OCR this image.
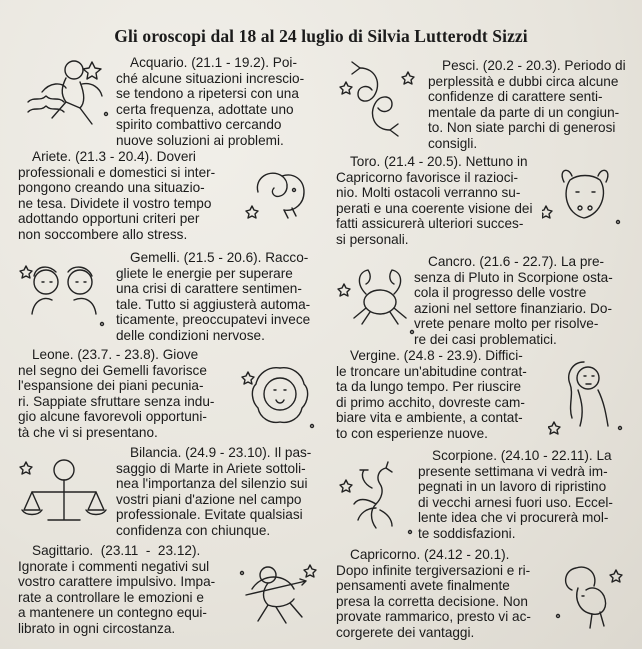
Gli oroscopi dal 18 al 24 luglio di Silvia Lutterodt Sizzi

Acquario. (21.1 - 19.2). Poi-

ché alcune situazioni increscio-

se tendono a ripetersi con una

certa frequenza, adottate uno

spirito combattivo cercando

nuove soluzioni ai problemi.

Ariete. (21.3 - 20.4). Doveri

professionali e domestici si inter-

pongono creando una situazio-

ne tesa. Dividete il vostro tempo

adottando opportuni criteri per

non soccombere allo stress.

Gemelli. (21.5 - 20.6). Racco-

gliete le energie per superare

una crisi di carattere sentimen-

tale. Tutto si aggiusterà automa-

ticamente, preoccupatevi invece

delle condizioni nervose.

Leone. (23.7. - 23.8). Giove

nel segno dei Gemelli favorisce

l'espansione dei piani pecunia-

ri. Sappiate sfruttare senza indu-

gio alcune favorevoli opportuni-

tà che vi si presentano.

Bilancia. (24.9 - 23.10). Il pas-

saggio di Marte in Ariete sottoli-

nea l'importanza del silenzio sui

vostri piani d'azione nel campo

professionale. Evitate qualsiasi

confidenza con chiunque.

Sagittario.  (23.11  -  23.12).

Ignorate i commenti negativi sul

vostro carattere impulsivo. Impa-

rate a controllare le emozioni e

a mantenere un contegno equi-

librato in ogni circostanza.

Pesci. (20.2 - 20.3). Periodo di

perplessità e dubbi circa alcune

confidenze di carattere senti-

mentale da parte di un congiun-

to. Non siate parchi di generosi

consigli.

Toro. (21.4 - 20.5). Nettuno in

Capricorno favorisce il razioci-

nio. Molti ostacoli verranno su-

perati e una coerente visione dei

fatti assicurerà ulteriori succes-

si personali.

Cancro. (21.6 - 22.7). La pre-

senza di Pluto in Scorpione osta-

cola il progresso delle vostre

azioni nel settore finanziario. Do-

vrete penare molto per risolve-

re dei casi problematici.

Vergine. (24.8 - 23.9). Diffici-

le troncare un'abitudine contrat-

ta da lungo tempo. Per riuscire

di primo acchito, dovreste cam-

biare vita e ambiente, a contat-

to con esperienze nuove.

Scorpione. (24.10 - 22.11). La

presente settimana vi vedrà im-

pegnati in un lavoro di ripristino

di vecchi arnesi fuori uso. Eccel-

lente idea che vi procurerà mol-

te soddisfazioni.

Capricorno. (24.12 - 20.1).

Dopo infinite tergiversazioni e ri-

pensamenti avete finalmente

presa la corretta decisione. Non

provate rammarico, presto vi ac-

corgerete dei vantaggi.
